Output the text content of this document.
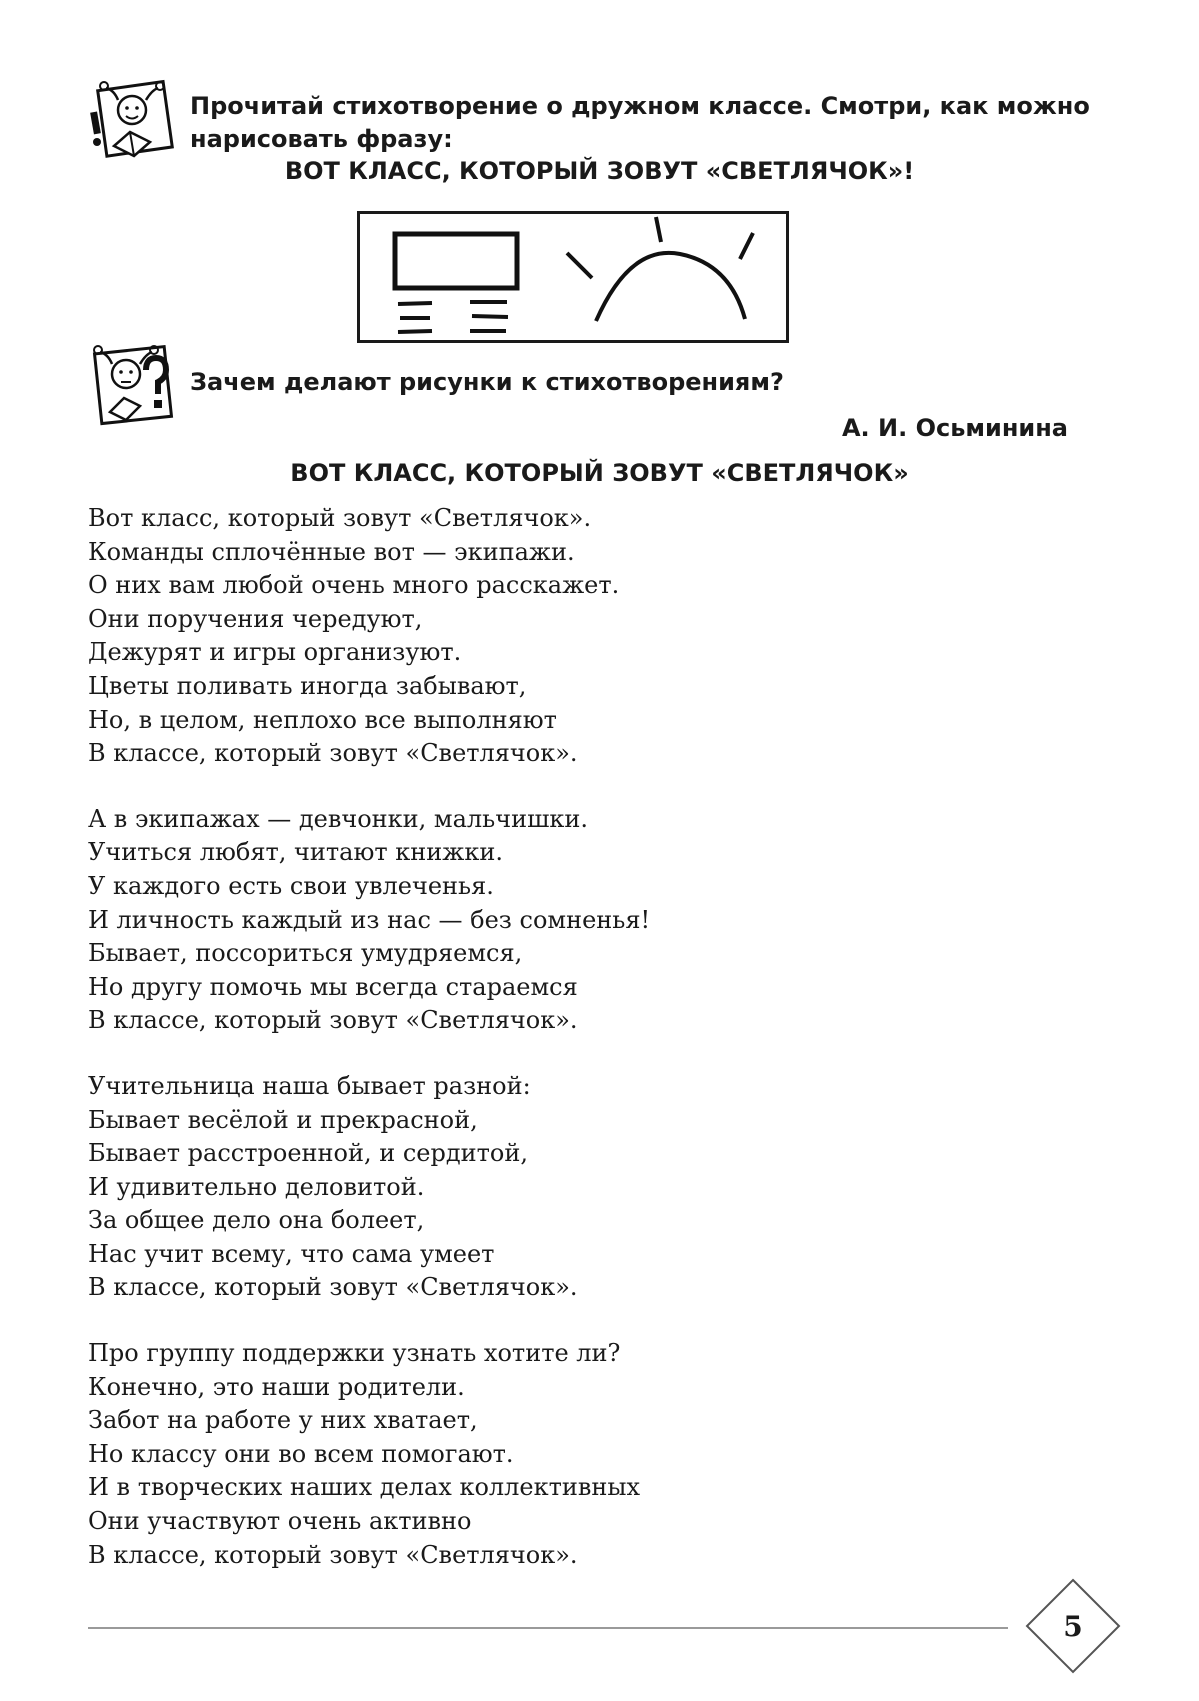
Прочитай стихотворение о дружном классе. Смотри, как можно нарисовать фразу:

ВОТ КЛАСС, КОТОРЫЙ ЗОВУТ «СВЕТЛЯЧОК»!

Зачем делают рисунки к стихотворениям?

А. И. Осьминина

ВОТ КЛАСС, КОТОРЫЙ ЗОВУТ «СВЕТЛЯЧОК»

Вот класс, который зовут «Светлячок».
Команды сплочённые вот — экипажи.
О них вам любой очень много расскажет.
Они поручения чередуют,
Дежурят и игры организуют.
Цветы поливать иногда забывают,
Но, в целом, неплохо все выполняют
В классе, который зовут «Светлячок».
А в экипажах — девчонки, мальчишки.
Учиться любят, читают книжки.
У каждого есть свои увлеченья.
И личность каждый из нас — без сомненья!
Бывает, поссориться умудряемся,
Но другу помочь мы всегда стараемся
В классе, который зовут «Светлячок».
Учительница наша бывает разной:
Бывает весёлой и прекрасной,
Бывает расстроенной, и сердитой,
И удивительно деловитой.
За общее дело она болеет,
Нас учит всему, что сама умеет
В классе, который зовут «Светлячок».
Про группу поддержки узнать хотите ли?
Конечно, это наши родители.
Забот на работе у них хватает,
Но классу они во всем помогают.
И в творческих наших делах коллективных
Они участвуют очень активно
В классе, который зовут «Светлячок».
5
